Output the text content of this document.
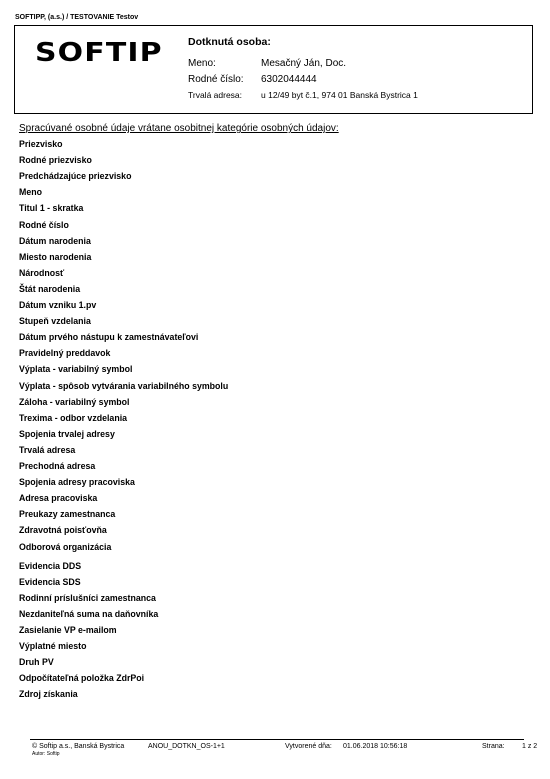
SOFTIPP, (a.s.) / TESTOVANIE Testov
SOFTIP Dotknutá osoba:
Meno:	Mesačný Ján, Doc.
Rodné číslo: 6302044444
Trvalá adresa: u 12/49 byt č.1, 974 01 Banská Bystrica 1
Spracúvané osobné údaje vrátane osobitnej kategórie osobných údajov:
Priezvisko
Rodné priezvisko
Predchádzajúce priezvisko
Meno
Titul 1 - skratka
Rodné číslo
Dátum narodenia
Miesto narodenia
Národnosť
Štát narodenia
Dátum vzniku 1.pv
Stupeň vzdelania
Dátum prvého nástupu k zamestnávateľovi
Pravidelný preddavok
Výplata - variabilný symbol
Výplata - spôsob vytvárania variabilného symbolu
Záloha - variabilný symbol
Trexima - odbor vzdelania
Spojenia trvalej adresy
Trvalá adresa
Prechodná adresa
Spojenia adresy pracoviska
Adresa pracoviska
Preukazy zamestnanca
Zdravotná poisťovňa
Odborová organizácia
Evidencia DDS
Evidencia SDS
Rodinní príslušníci zamestnanca
Nezdaniteľná suma na daňovníka
Zasielanie VP e-mailom
Výplatné miesto
Druh PV
Odpočítateľná položka ZdrPoi
Zdroj získania
© Softip a.s., Banská Bystrica
Autor: Softip
ANOU_DOTKN_OS-1+1	Vytvorené dňa: 01.06.2018 10:56:18	Strana: 1 z 2
